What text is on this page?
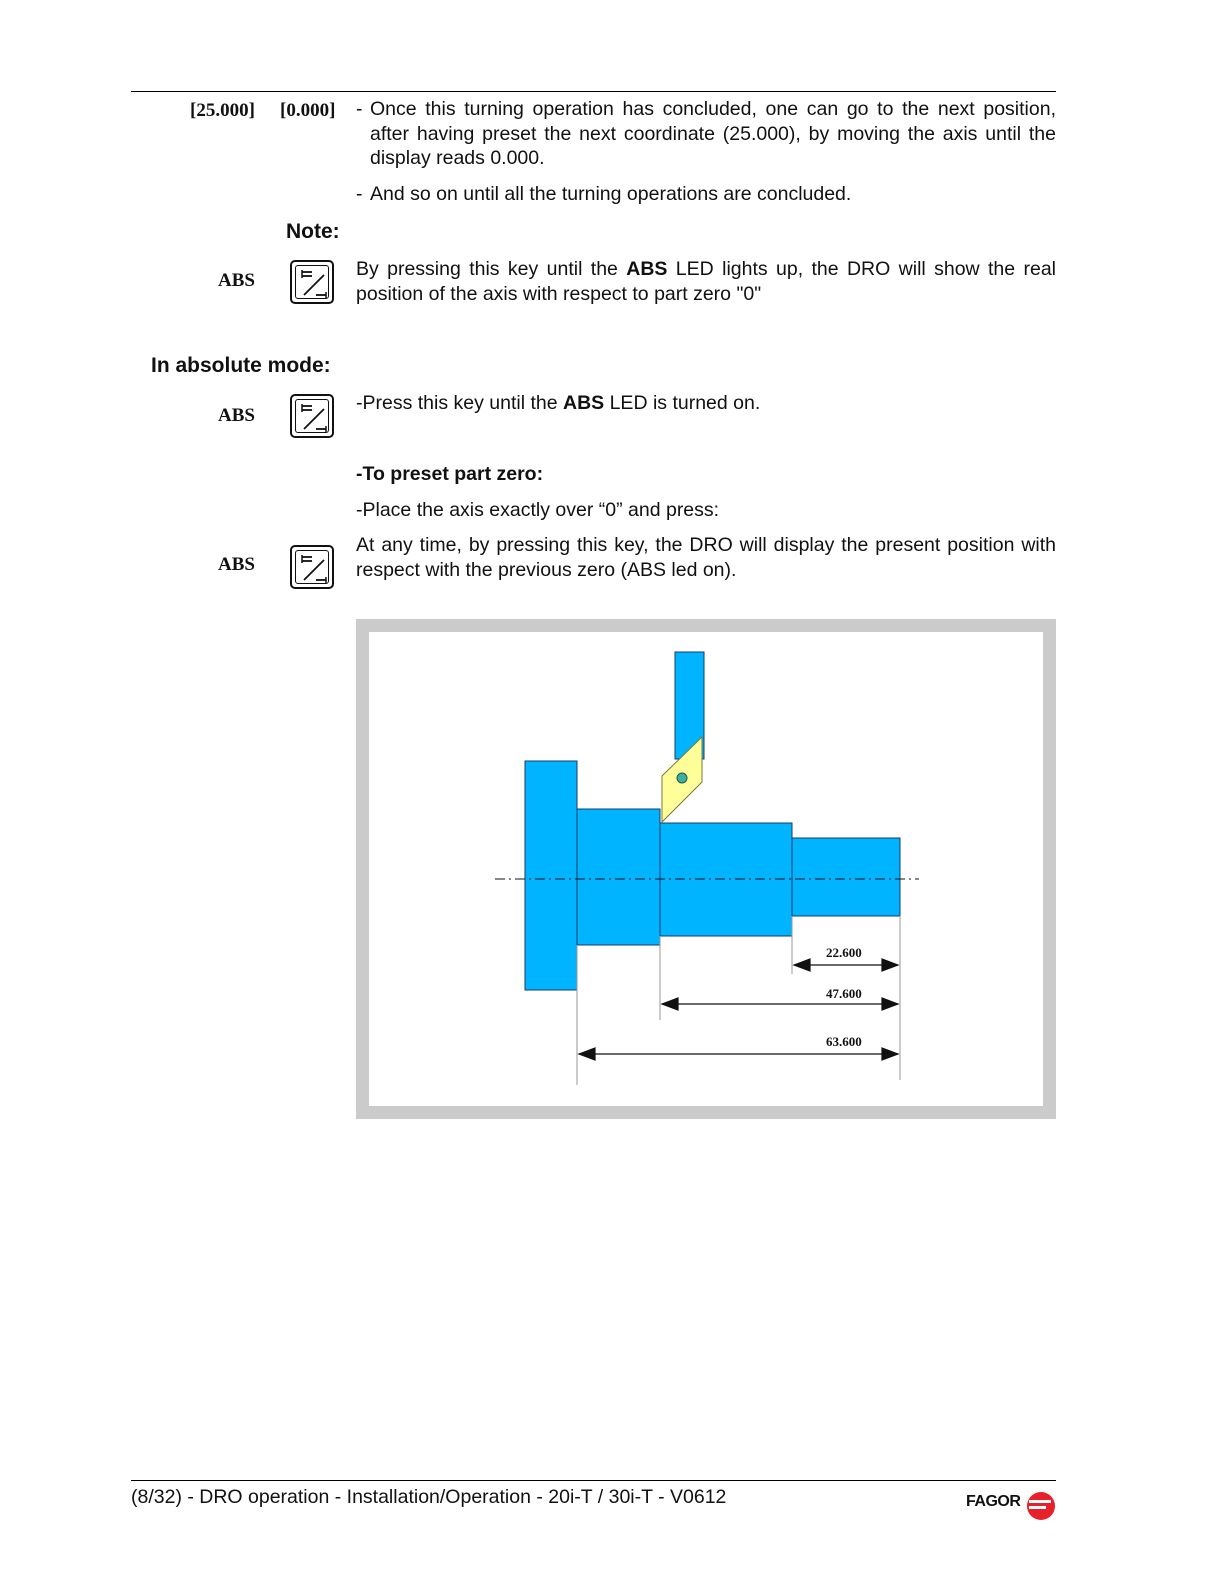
[25.000] [0.000] - Once this turning operation has concluded, one can go to the next position, after having preset the next coordinate (25.000), by moving the axis until the display reads 0.000.
- And so on until all the turning operations are concluded.
Note:
ABS
By pressing this key until the ABS LED lights up, the DRO will show the real position of the axis with respect to part zero "0"
In absolute mode:
ABS
-Press this key until the ABS LED is turned on.
-To preset part zero:
-Place the axis exactly over “0” and press:
ABS
At any time, by pressing this key, the DRO will display the present position with respect with the previous zero (ABS led on).
22.600
47.600
63.600
(8/32) - DRO operation - Installation/Operation - 20i-T / 30i-T - V0612	FAGOR
